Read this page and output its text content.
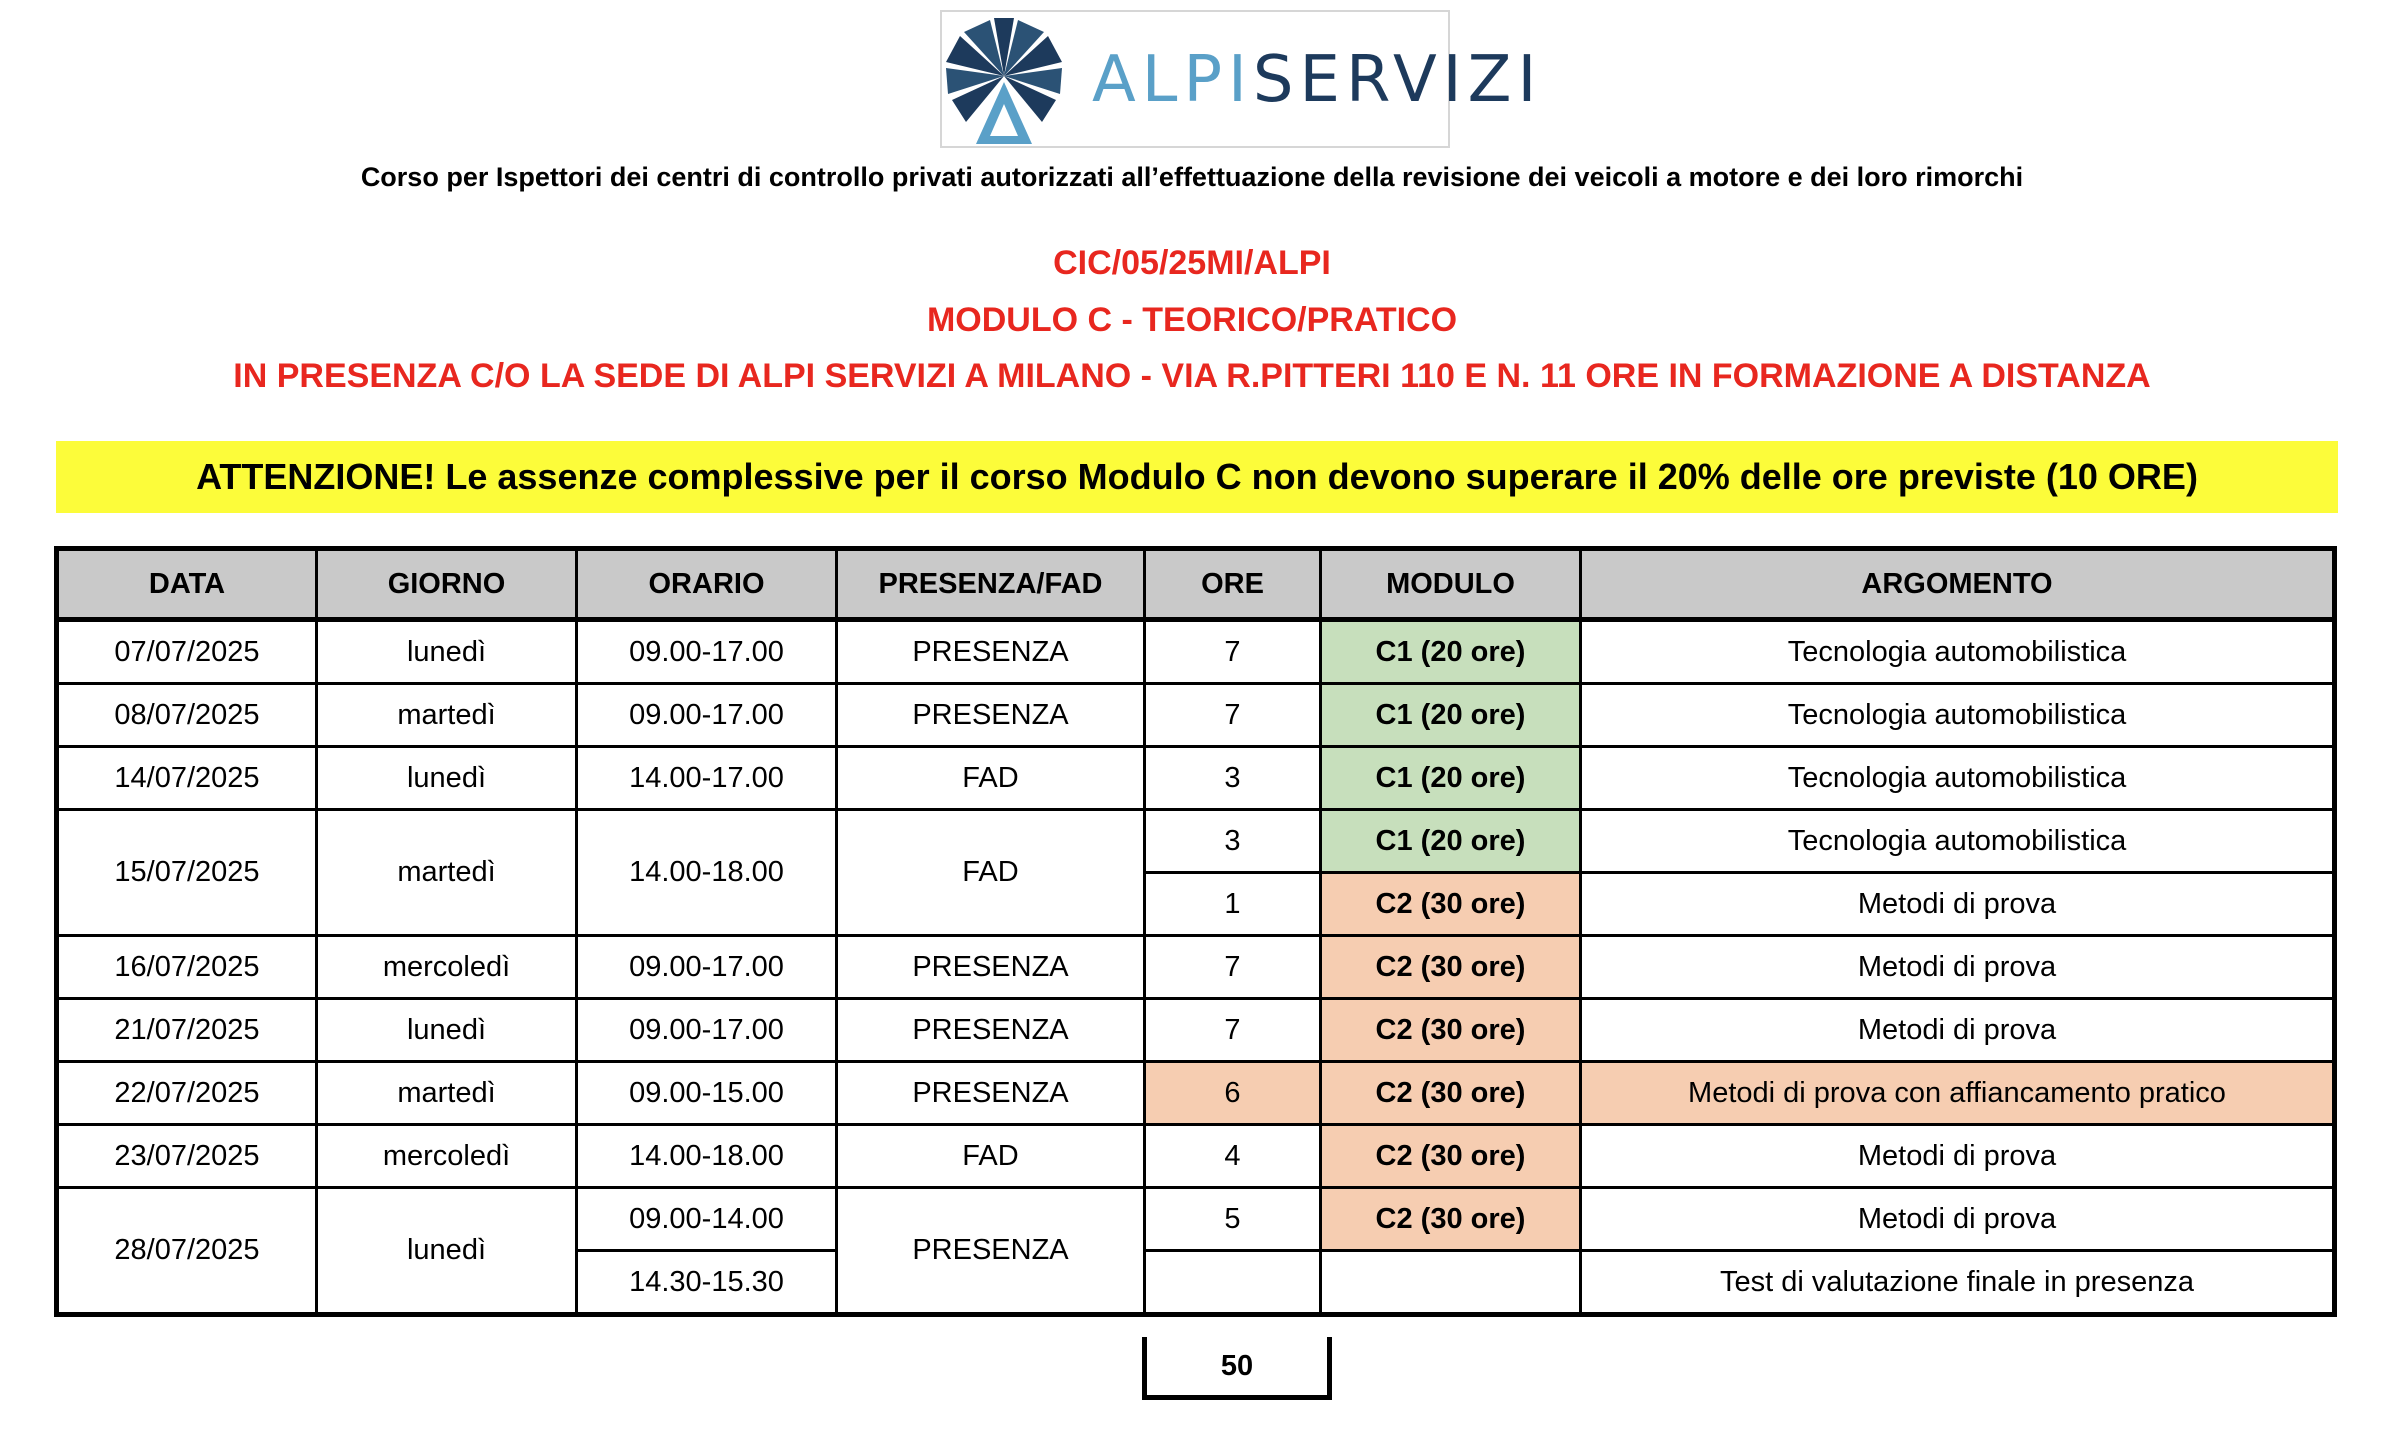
ALPISERVIZI
Corso per Ispettori dei centri di controllo privati autorizzati all’effettuazione della revisione dei veicoli a motore e dei loro rimorchi
CIC/05/25MI/ALPI
MODULO C - TEORICO/PRATICO
IN PRESENZA C/O LA SEDE DI ALPI SERVIZI A MILANO - VIA R.PITTERI 110 E N. 11 ORE IN FORMAZIONE A DISTANZA
ATTENZIONE! Le assenze complessive per il corso Modulo C non devono superare il 20% delle ore previste (10 ORE)
DATA	GIORNO	ORARIO	PRESENZA/FAD	ORE	MODULO	ARGOMENTO
07/07/2025	lunedì	09.00-17.00	PRESENZA	7	C1 (20 ore)	Tecnologia automobilistica
08/07/2025	martedì	09.00-17.00	PRESENZA	7	C1 (20 ore)	Tecnologia automobilistica
14/07/2025	lunedì	14.00-17.00	FAD	3	C1 (20 ore)	Tecnologia automobilistica
15/07/2025	martedì	14.00-18.00	FAD	3	C1 (20 ore)	Tecnologia automobilistica
				1	C2 (30 ore)	Metodi di prova
16/07/2025	mercoledì	09.00-17.00	PRESENZA	7	C2 (30 ore)	Metodi di prova
21/07/2025	lunedì	09.00-17.00	PRESENZA	7	C2 (30 ore)	Metodi di prova
22/07/2025	martedì	09.00-15.00	PRESENZA	6	C2 (30 ore)	Metodi di prova con affiancamento pratico
23/07/2025	mercoledì	14.00-18.00	FAD	4	C2 (30 ore)	Metodi di prova
28/07/2025	lunedì	09.00-14.00	PRESENZA	5	C2 (30 ore)	Metodi di prova
		14.30-15.30				Test di valutazione finale in presenza
50
